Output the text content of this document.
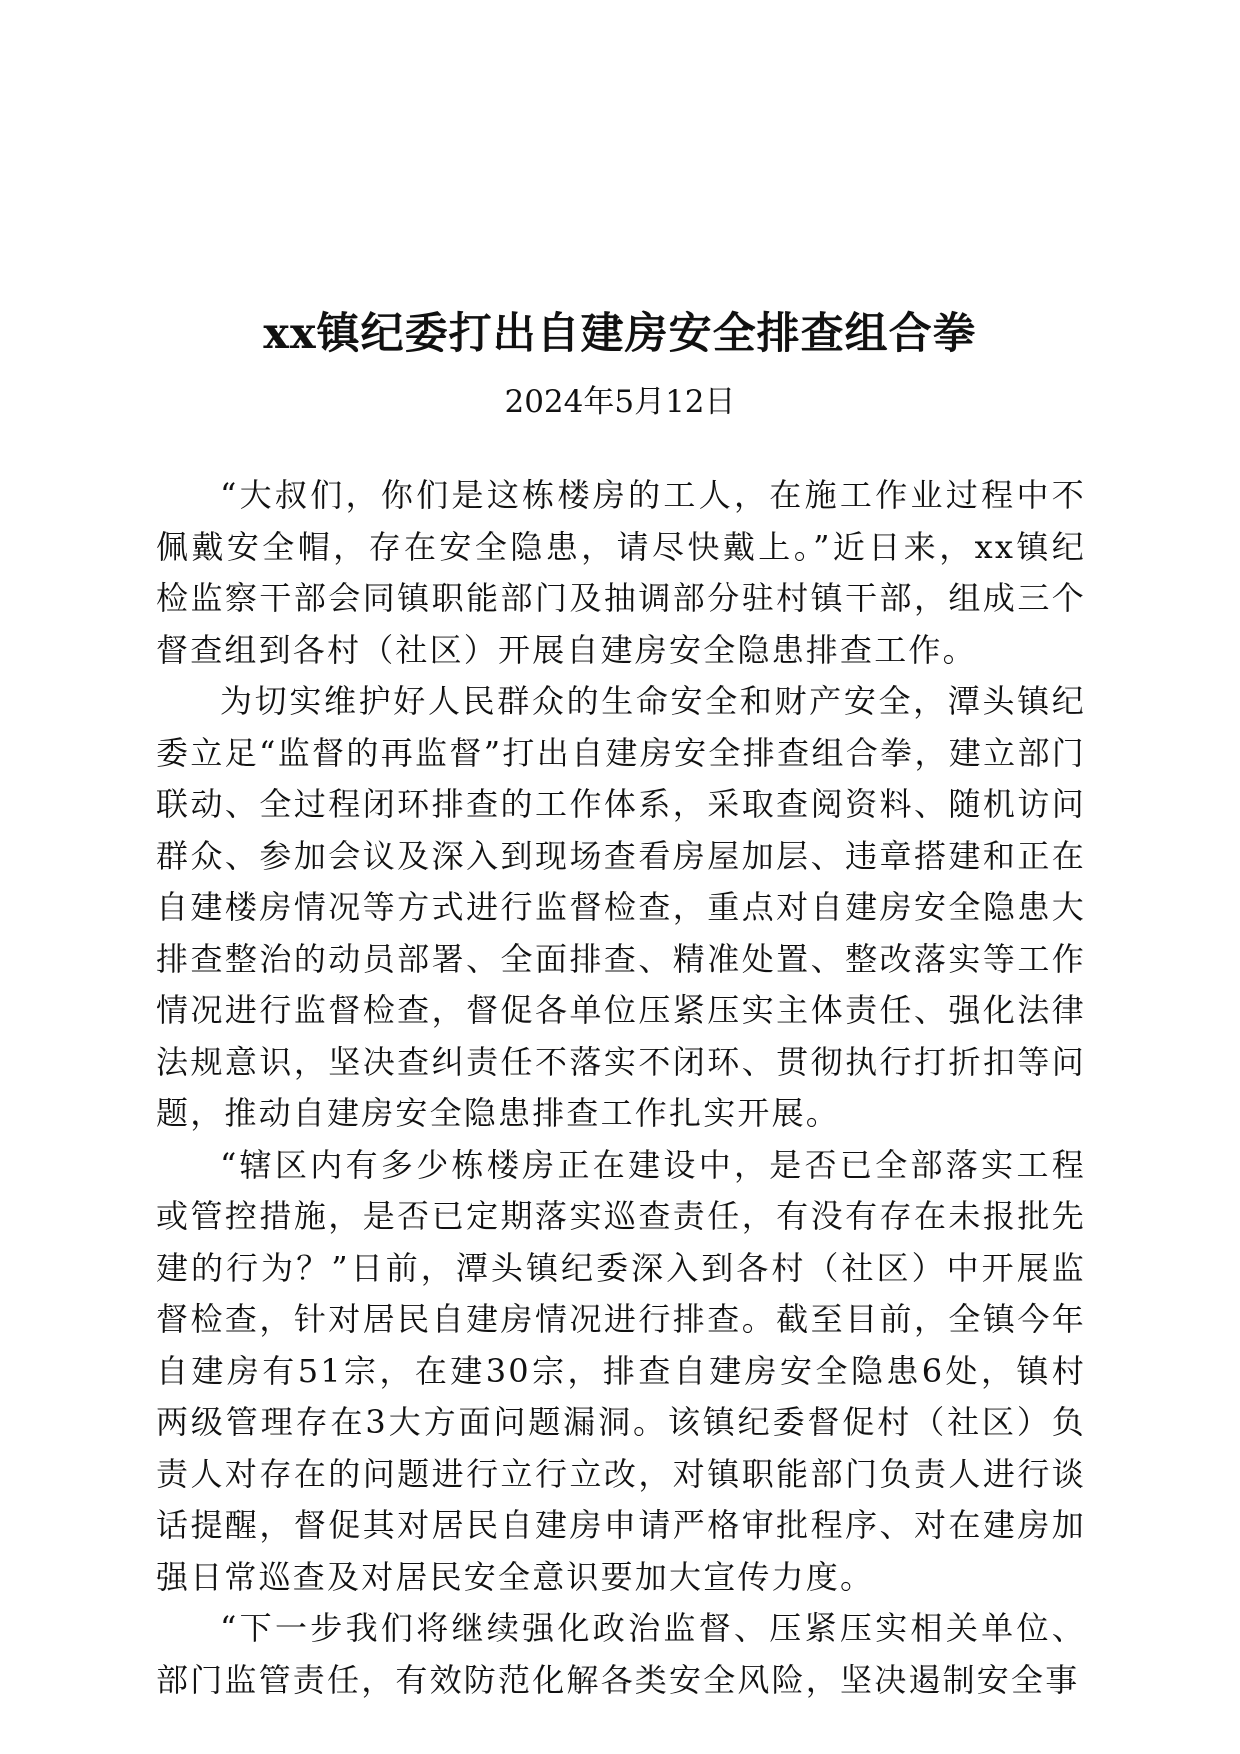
xx镇纪委打出自建房安全排查组合拳
2024年5月12日

“大叔们，你们是这栋楼房的工人，在施工作业过程中不佩戴安全帽，存在安全隐患，请尽快戴上。”近日来，xx镇纪检监察干部会同镇职能部门及抽调部分驻村镇干部，组成三个督查组到各村（社区）开展自建房安全隐患排查工作。

为切实维护好人民群众的生命安全和财产安全，潭头镇纪委立足“监督的再监督”打出自建房安全排查组合拳，建立部门联动、全过程闭环排查的工作体系，采取查阅资料、随机访问群众、参加会议及深入到现场查看房屋加层、违章搭建和正在自建楼房情况等方式进行监督检查，重点对自建房安全隐患大排查整治的动员部署、全面排查、精准处置、整改落实等工作情况进行监督检查，督促各单位压紧压实主体责任、强化法律法规意识，坚决查纠责任不落实不闭环、贯彻执行打折扣等问题，推动自建房安全隐患排查工作扎实开展。

“辖区内有多少栋楼房正在建设中，是否已全部落实工程或管控措施，是否已定期落实巡查责任，有没有存在未报批先建的行为？”日前，潭头镇纪委深入到各村（社区）中开展监督检查，针对居民自建房情况进行排查。截至目前，全镇今年自建房有51宗，在建30宗，排查自建房安全隐患6处，镇村两级管理存在3大方面问题漏洞。该镇纪委督促村（社区）负责人对存在的问题进行立行立改，对镇职能部门负责人进行谈话提醒，督促其对居民自建房申请严格审批程序、对在建房加强日常巡查及对居民安全意识要加大宣传力度。

“下一步我们将继续强化政治监督、压紧压实相关单位、部门监管责任，有效防范化解各类安全风险，坚决遏制安全事
